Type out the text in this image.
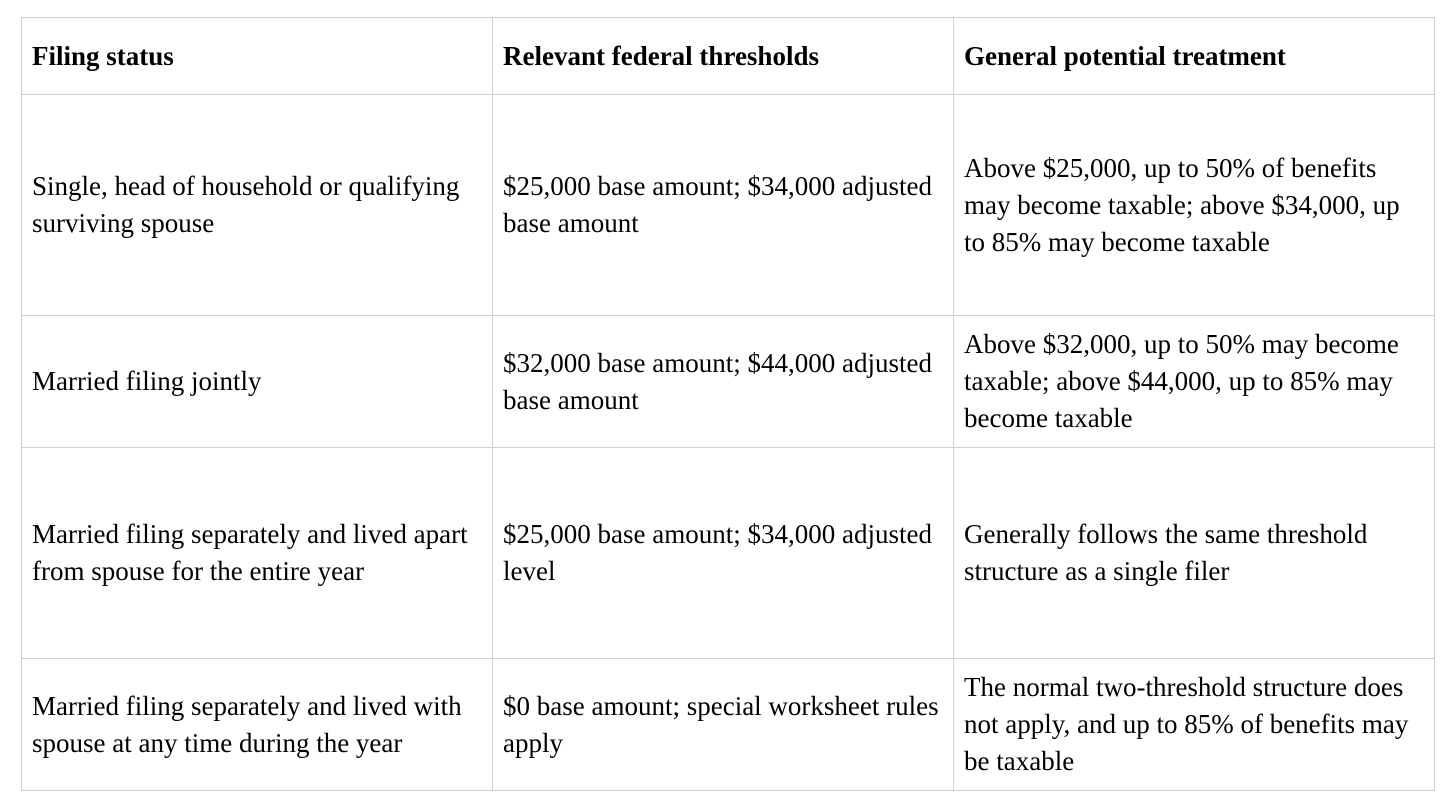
Filing status	Relevant federal thresholds	General potential treatment
Single, head of household or qualifying surviving spouse	$25,000 base amount; $34,000 adjusted base amount	Above $25,000, up to 50% of benefits may become taxable; above $34,000, up to 85% may become taxable
Married filing jointly	$32,000 base amount; $44,000 adjusted base amount	Above $32,000, up to 50% may become taxable; above $44,000, up to 85% may become taxable
Married filing separately and lived apart from spouse for the entire year	$25,000 base amount; $34,000 adjusted level	Generally follows the same threshold structure as a single filer
Married filing separately and lived with spouse at any time during the year	$0 base amount; special worksheet rules apply	The normal two-threshold structure does not apply, and up to 85% of benefits may be taxable
